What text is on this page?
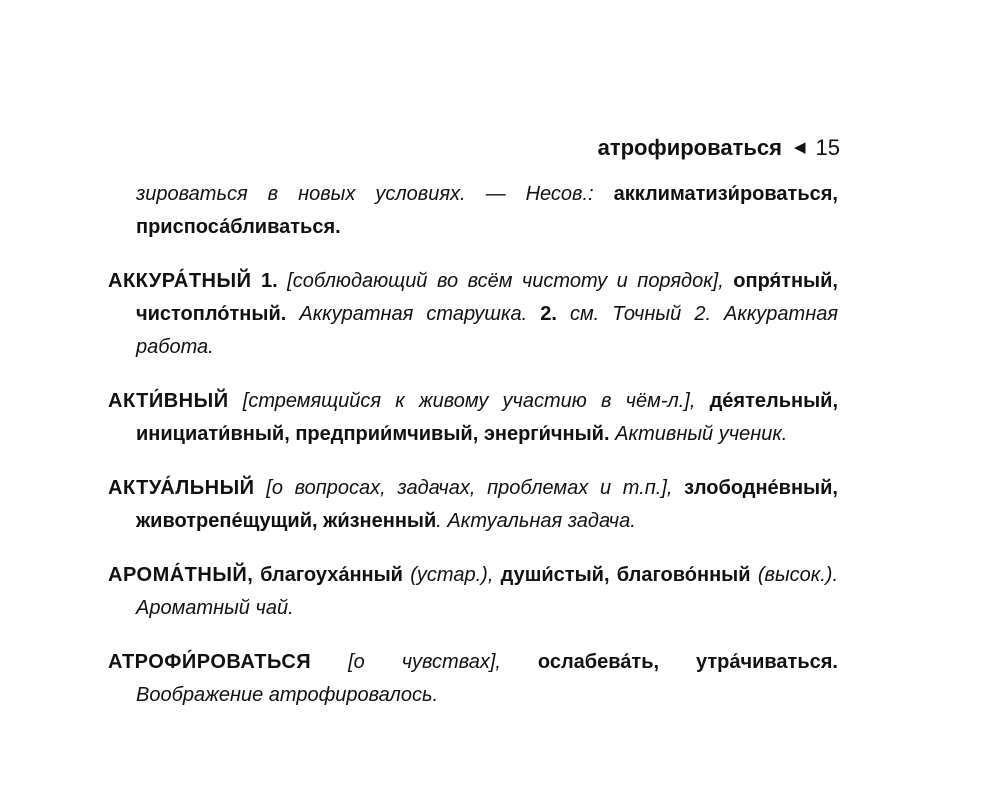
атрофироваться ◀ 15

зироваться в новых условиях. — Несов.: акклиматизи́роваться, приспоса́бливаться.

АККУРА́ТНЫЙ 1. [соблюдающий во всём чистоту и порядок], опря́тный, чистопло́тный. Аккуратная старушка. 2. см. Точный 2. Аккуратная работа.

АКТИ́ВНЫЙ [стремящийся к живому участию в чём-л.], де́ятельный, инициати́вный, предприи́мчивый, энерги́чный. Активный ученик.

АКТУА́ЛЬНЫЙ [о вопросах, задачах, проблемах и т.п.], злободне́вный, животрепе́щущий, жи́зненный. Актуальная задача.

АРОМА́ТНЫЙ, благоуха́нный (устар.), души́стый, благово́нный (высок.). Ароматный чай.

АТРОФИ́РОВАТЬСЯ [о чувствах], ослабева́ть, утра́чиваться. Воображение атрофировалось.
